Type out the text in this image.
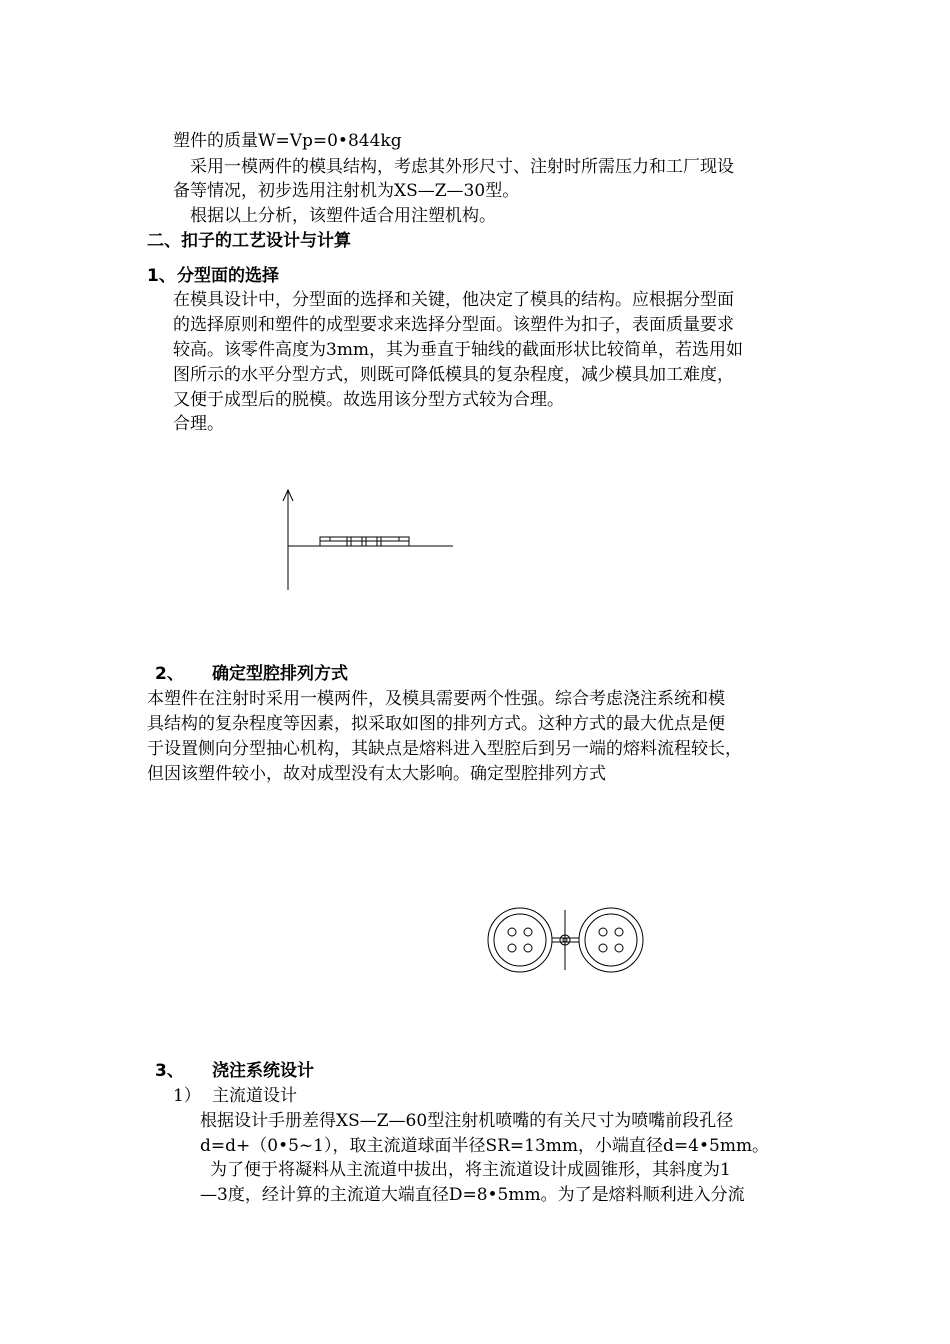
塑件的质量W=Vp=0•844kg
采用一模两件的模具结构，考虑其外形尺寸、注射时所需压力和工厂现设
备等情况，初步选用注射机为XS—Z—30型。
根据以上分析，该塑件适合用注塑机构。
二、扣子的工艺设计与计算
1、 分型面的选择
在模具设计中，分型面的选择和关键，他决定了模具的结构。应根据分型面
的选择原则和塑件的成型要求来选择分型面。该塑件为扣子，表面质量要求
较高。该零件高度为3mm，其为垂直于轴线的截面形状比较简单，若选用如
图所示的水平分型方式，则既可降低模具的复杂程度，减少模具加工难度，
又便于成型后的脱模。故选用该分型方式较为合理。
合理。
2、 确定型腔排列方式
本塑件在注射时采用一模两件，及模具需要两个性强。综合考虑浇注系统和模
具结构的复杂程度等因素，拟采取如图的排列方式。这种方式的最大优点是便
于设置侧向分型抽心机构，其缺点是熔料进入型腔后到另一端的熔料流程较长，
但因该塑件较小，故对成型没有太大影响。确定型腔排列方式
3、 浇注系统设计
1） 主流道设计
根据设计手册差得XS—Z—60型注射机喷嘴的有关尺寸为喷嘴前段孔径
d=d+（0•5~1），取主流道球面半径SR=13mm，小端直径d=4•5mm。
为了便于将凝料从主流道中拔出，将主流道设计成圆锥形，其斜度为1
—3度，经计算的主流道大端直径D=8•5mm。为了是熔料顺利进入分流
